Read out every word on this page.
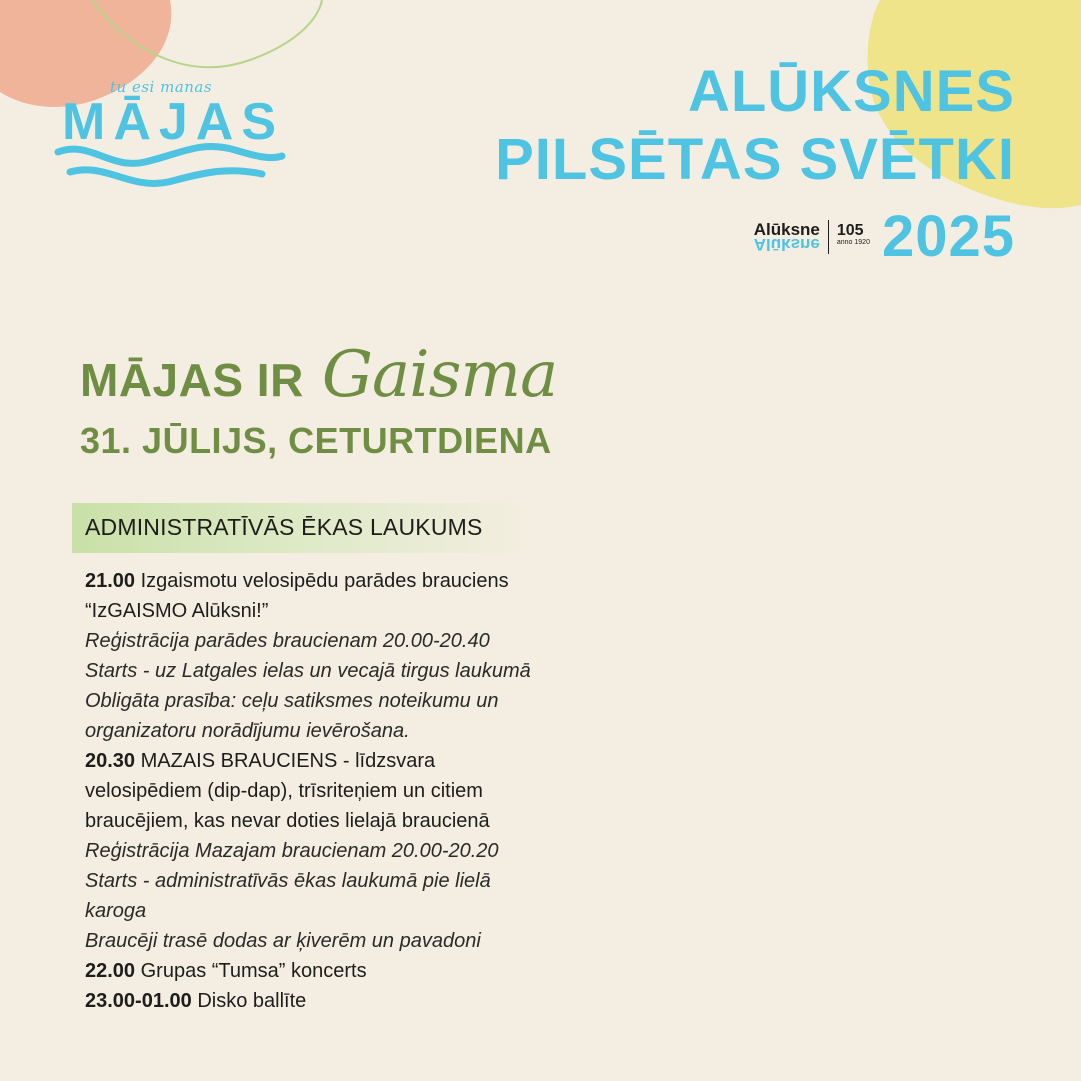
tu esi manas
MĀJAS	ALŪKSNES
PILSĒTAS SVĒTKI
Alūksne
Alūksne
105
anno 1920 2025
MĀJAS IR Gaisma
31. JŪLIJS, CETURTDIENA
ADMINISTRATĪVĀS ĒKAS LAUKUMS
21.00 Izgaismotu velosipēdu parādes brauciens
“IzGAISMO Alūksni!”
Reģistrācija parādes braucienam 20.00-20.40
Starts - uz Latgales ielas un vecajā tirgus laukumā
Obligāta prasība: ceļu satiksmes noteikumu un
organizatoru norādījumu ievērošana.
20.30 MAZAIS BRAUCIENS - līdzsvara
velosipēdiem (dip-dap), trīsriteņiem un citiem
braucējiem, kas nevar doties lielajā braucienā
Reģistrācija Mazajam braucienam 20.00-20.20
Starts - administratīvās ēkas laukumā pie lielā
karoga
Braucēji trasē dodas ar ķiverēm un pavadoni
22.00 Grupas “Tumsa” koncerts
23.00-01.00 Disko ballīte
